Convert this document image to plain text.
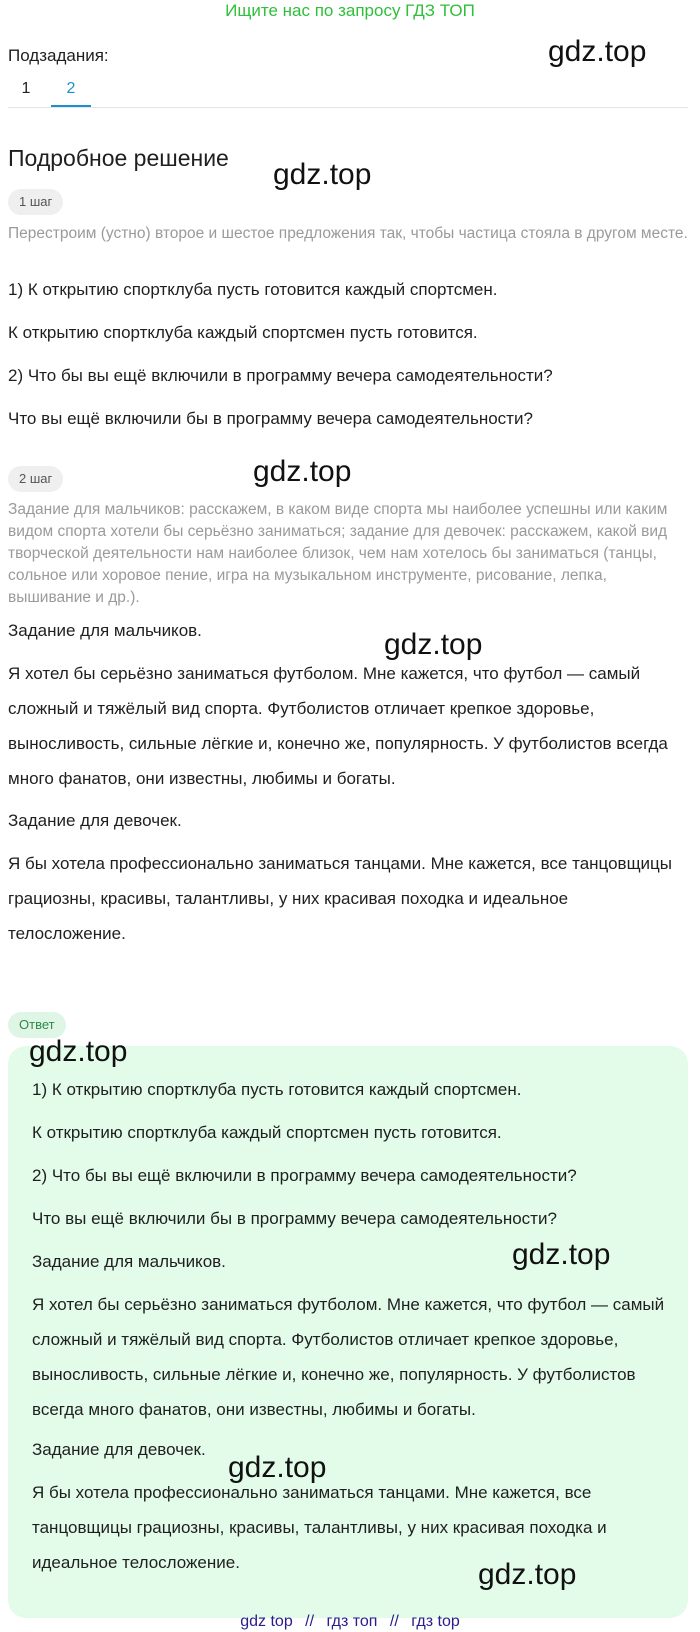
Ищите нас по запросу ГДЗ ТОП
Подзадания:
1	2
Подробное решение
1 шаг
Перестроим (устно) второе и шестое предложения так, чтобы частица стояла в другом месте.
1) К открытию спортклуба пусть готовится каждый спортсмен.
К открытию спортклуба каждый спортсмен пусть готовится.
2) Что бы вы ещё включили в программу вечера самодеятельности?
Что вы ещё включили бы в программу вечера самодеятельности?
2 шаг
Задание для мальчиков: расскажем, в каком виде спорта мы наиболее успешны или каким видом спорта хотели бы серьёзно заниматься; задание для девочек: расскажем, какой вид творческой деятельности нам наиболее близок, чем нам хотелось бы заниматься (танцы, сольное или хоровое пение, игра на музыкальном инструменте, рисование, лепка, вышивание и др.).
Задание для мальчиков.
Я хотел бы серьёзно заниматься футболом. Мне кажется, что футбол — самый сложный и тяжёлый вид спорта. Футболистов отличает крепкое здоровье, выносливость, сильные лёгкие и, конечно же, популярность. У футболистов всегда много фанатов, они известны, любимы и богаты.
Задание для девочек.
Я бы хотела профессионально заниматься танцами. Мне кажется, все танцовщицы грациозны, красивы, талантливы, у них красивая походка и идеальное телосложение.
Ответ
1) К открытию спортклуба пусть готовится каждый спортсмен.
К открытию спортклуба каждый спортсмен пусть готовится.
2) Что бы вы ещё включили в программу вечера самодеятельности?
Что вы ещё включили бы в программу вечера самодеятельности?
Задание для мальчиков.
Я хотел бы серьёзно заниматься футболом. Мне кажется, что футбол — самый сложный и тяжёлый вид спорта. Футболистов отличает крепкое здоровье, выносливость, сильные лёгкие и, конечно же, популярность. У футболистов всегда много фанатов, они известны, любимы и богаты.
Задание для девочек.
Я бы хотела профессионально заниматься танцами. Мне кажется, все танцовщицы грациозны, красивы, талантливы, у них красивая походка и идеальное телосложение.
gdz.top
gdz.top
gdz.top
gdz.top
gdz.top
gdz.top
gdz.top
gdz.top
gdz top // гдз топ // гдз top
